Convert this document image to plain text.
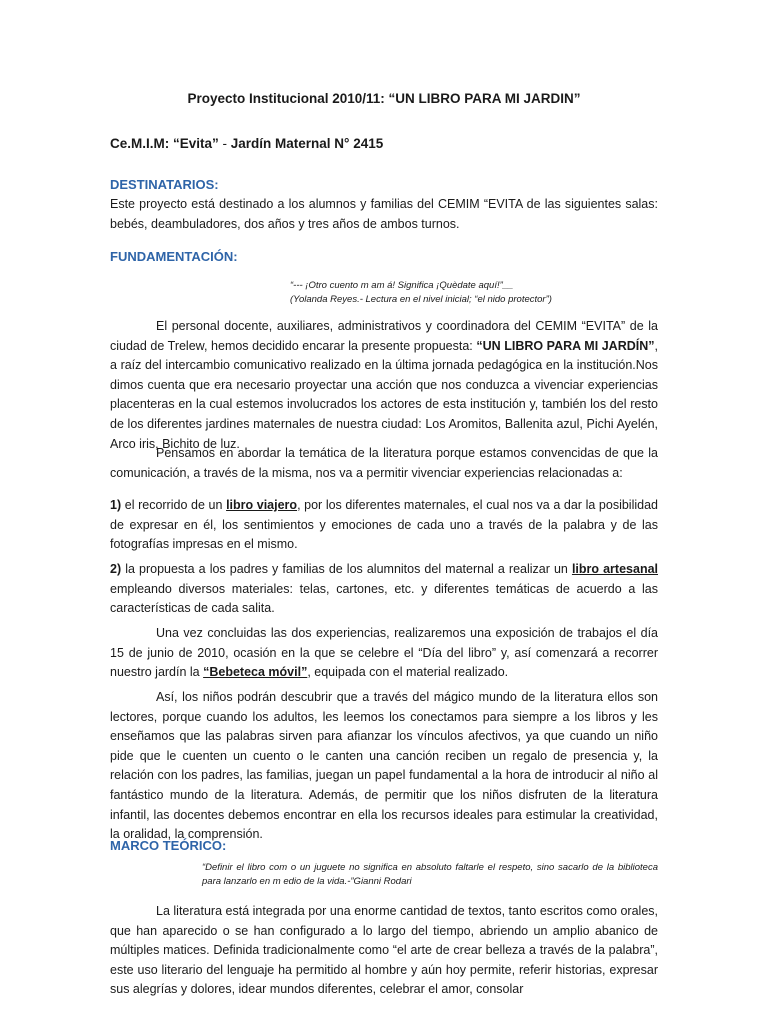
Proyecto Institucional 2010/11: “UN LIBRO PARA MI JARDIN”

Ce.M.I.M: “Evita” - Jardín Maternal N° 2415

DESTINATARIOS:

Este proyecto está destinado a los alumnos y familias del CEMIM “EVITA de las siguientes salas: bebés, deambuladores, dos años y tres años de ambos turnos.

FUNDAMENTACIÓN:

“--- ¡Otro cuento m am á! Significa ¡Quèdate aquí!”__
(Yolanda Reyes.- Lectura en el nivel inicial; “el nido protector”)

El personal docente, auxiliares, administrativos y coordinadora del CEMIM “EVITA” de la ciudad de Trelew, hemos decidido encarar la presente propuesta: “UN LIBRO PARA MI JARDÍN”, a raíz del intercambio comunicativo realizado en la última jornada pedagógica en la institución.Nos dimos cuenta que era necesario proyectar una acción que nos conduzca a vivenciar experiencias placenteras en la cual estemos involucrados los actores de esta institución y, también los del resto de los diferentes jardines maternales de nuestra ciudad: Los Aromitos, Ballenita azul, Pichi Ayelén, Arco iris, Bichito de luz.

Pensamos en abordar la temática de la literatura porque estamos convencidas de que la comunicación, a través de la misma, nos va a permitir vivenciar experiencias relacionadas a:

1) el recorrido de un libro viajero, por los diferentes maternales, el cual nos va a dar la posibilidad de expresar en él, los sentimientos y emociones de cada uno a través de la palabra y de las fotografías impresas en el mismo.

2) la propuesta a los padres y familias de los alumnitos del maternal a realizar un libro artesanal empleando diversos materiales: telas, cartones, etc. y diferentes temáticas de acuerdo a las características de cada salita.

Una vez concluidas las dos experiencias, realizaremos una exposición de trabajos el día 15 de junio de 2010, ocasión en la que se celebre el “Día del libro” y, así comenzará a recorrer nuestro jardín la “Bebeteca móvil”, equipada con el material realizado.

Así, los niños podrán descubrir que a través del mágico mundo de la literatura ellos son lectores, porque cuando los adultos, les leemos los conectamos para siempre a los libros y les enseñamos que las palabras sirven para afianzar los vínculos afectivos, ya que cuando un niño pide que le cuenten un cuento o le canten una canción reciben un regalo de presencia y, la relación con los padres, las familias, juegan un papel fundamental a la hora de introducir al niño al fantástico mundo de la literatura. Además, de permitir que los niños disfruten de la literatura infantil, las docentes debemos encontrar en ella los recursos ideales para estimular la creatividad, la oralidad, la comprensión.

MARCO TEÓRICO:

“Definir el libro com o un juguete no significa en absoluto faltarle el respeto, sino sacarlo de la biblioteca para lanzarlo en m edio de la vida.-”Gianni Rodari

La literatura está integrada por una enorme cantidad de textos, tanto escritos como orales, que han aparecido o se han configurado a lo largo del tiempo, abriendo un amplio abanico de múltiples matices. Definida tradicionalmente como “el arte de crear belleza a través de la palabra”, este uso literario del lenguaje ha permitido al hombre y aún hoy permite, referir historias, expresar sus alegrías y dolores, idear mundos diferentes, celebrar el amor, consolar
